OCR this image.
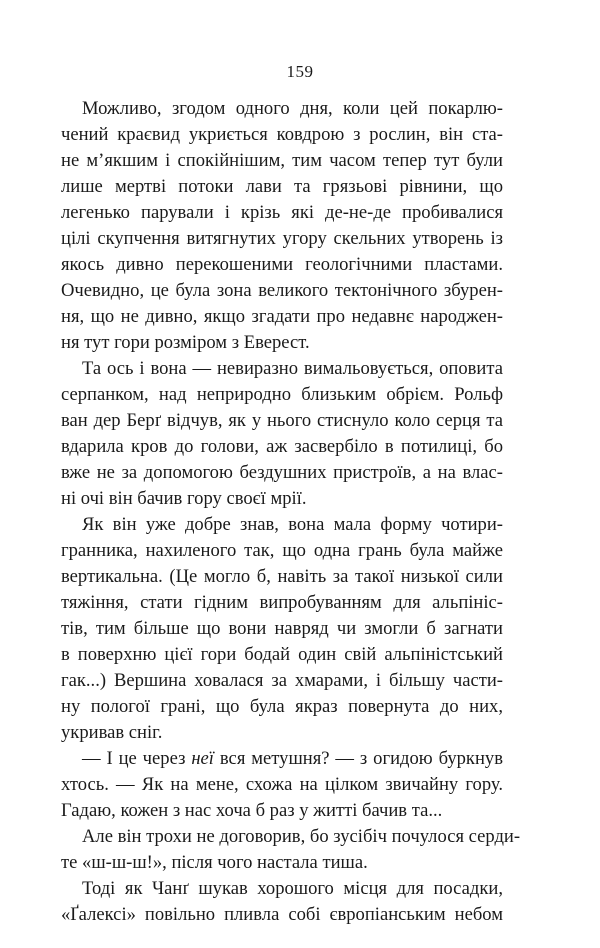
159
Можливо, згодом одного дня, коли цей покарлю-
чений краєвид укриється ковдрою з рослин, він ста-
не м’якшим і спокійнішим, тим часом тепер тут були
лише мертві потоки лави та грязьові рівнини, що
легенько парували і крізь які де-не-де пробивалися
цілі скупчення витягнутих угору скельних утворень із
якось дивно перекошеними геологічними пластами.
Очевидно, це була зона великого тектонічного збурен-
ня, що не дивно, якщо згадати про недавнє народжен-
ня тут гори розміром з Еверест.
Та ось і вона — невиразно вимальовується, оповита
серпанком, над неприродно близьким обрієм. Рольф
ван дер Берґ відчув, як у нього стиснуло коло серця та
вдарила кров до голови, аж засвербіло в потилиці, бо
вже не за допомогою бездушних пристроїв, а на влас-
ні очі він бачив гору своєї мрії.
Як він уже добре знав, вона мала форму чотири-
гранника, нахиленого так, що одна грань була майже
вертикальна. (Це могло б, навіть за такої низької сили
тяжіння, стати гідним випробуванням для альпініс-
тів, тим більше що вони навряд чи змогли б загнати
в поверхню цієї гори бодай один свій альпіністський
гак...) Вершина ховалася за хмарами, і більшу части-
ну пологої грані, що була якраз повернута до них,
укривав сніг.
— І це через неї вся метушня? — з огидою буркнув
хтось. — Як на мене, схожа на цілком звичайну гору.
Гадаю, кожен з нас хоча б раз у житті бачив та...
Але він трохи не договорив, бо зусібіч почулося серди-
те «ш-ш-ш!», після чого настала тиша.
Тоді як Чанґ шукав хорошого місця для посадки,
«Ґалексі» повільно пливла собі європіанським небом
